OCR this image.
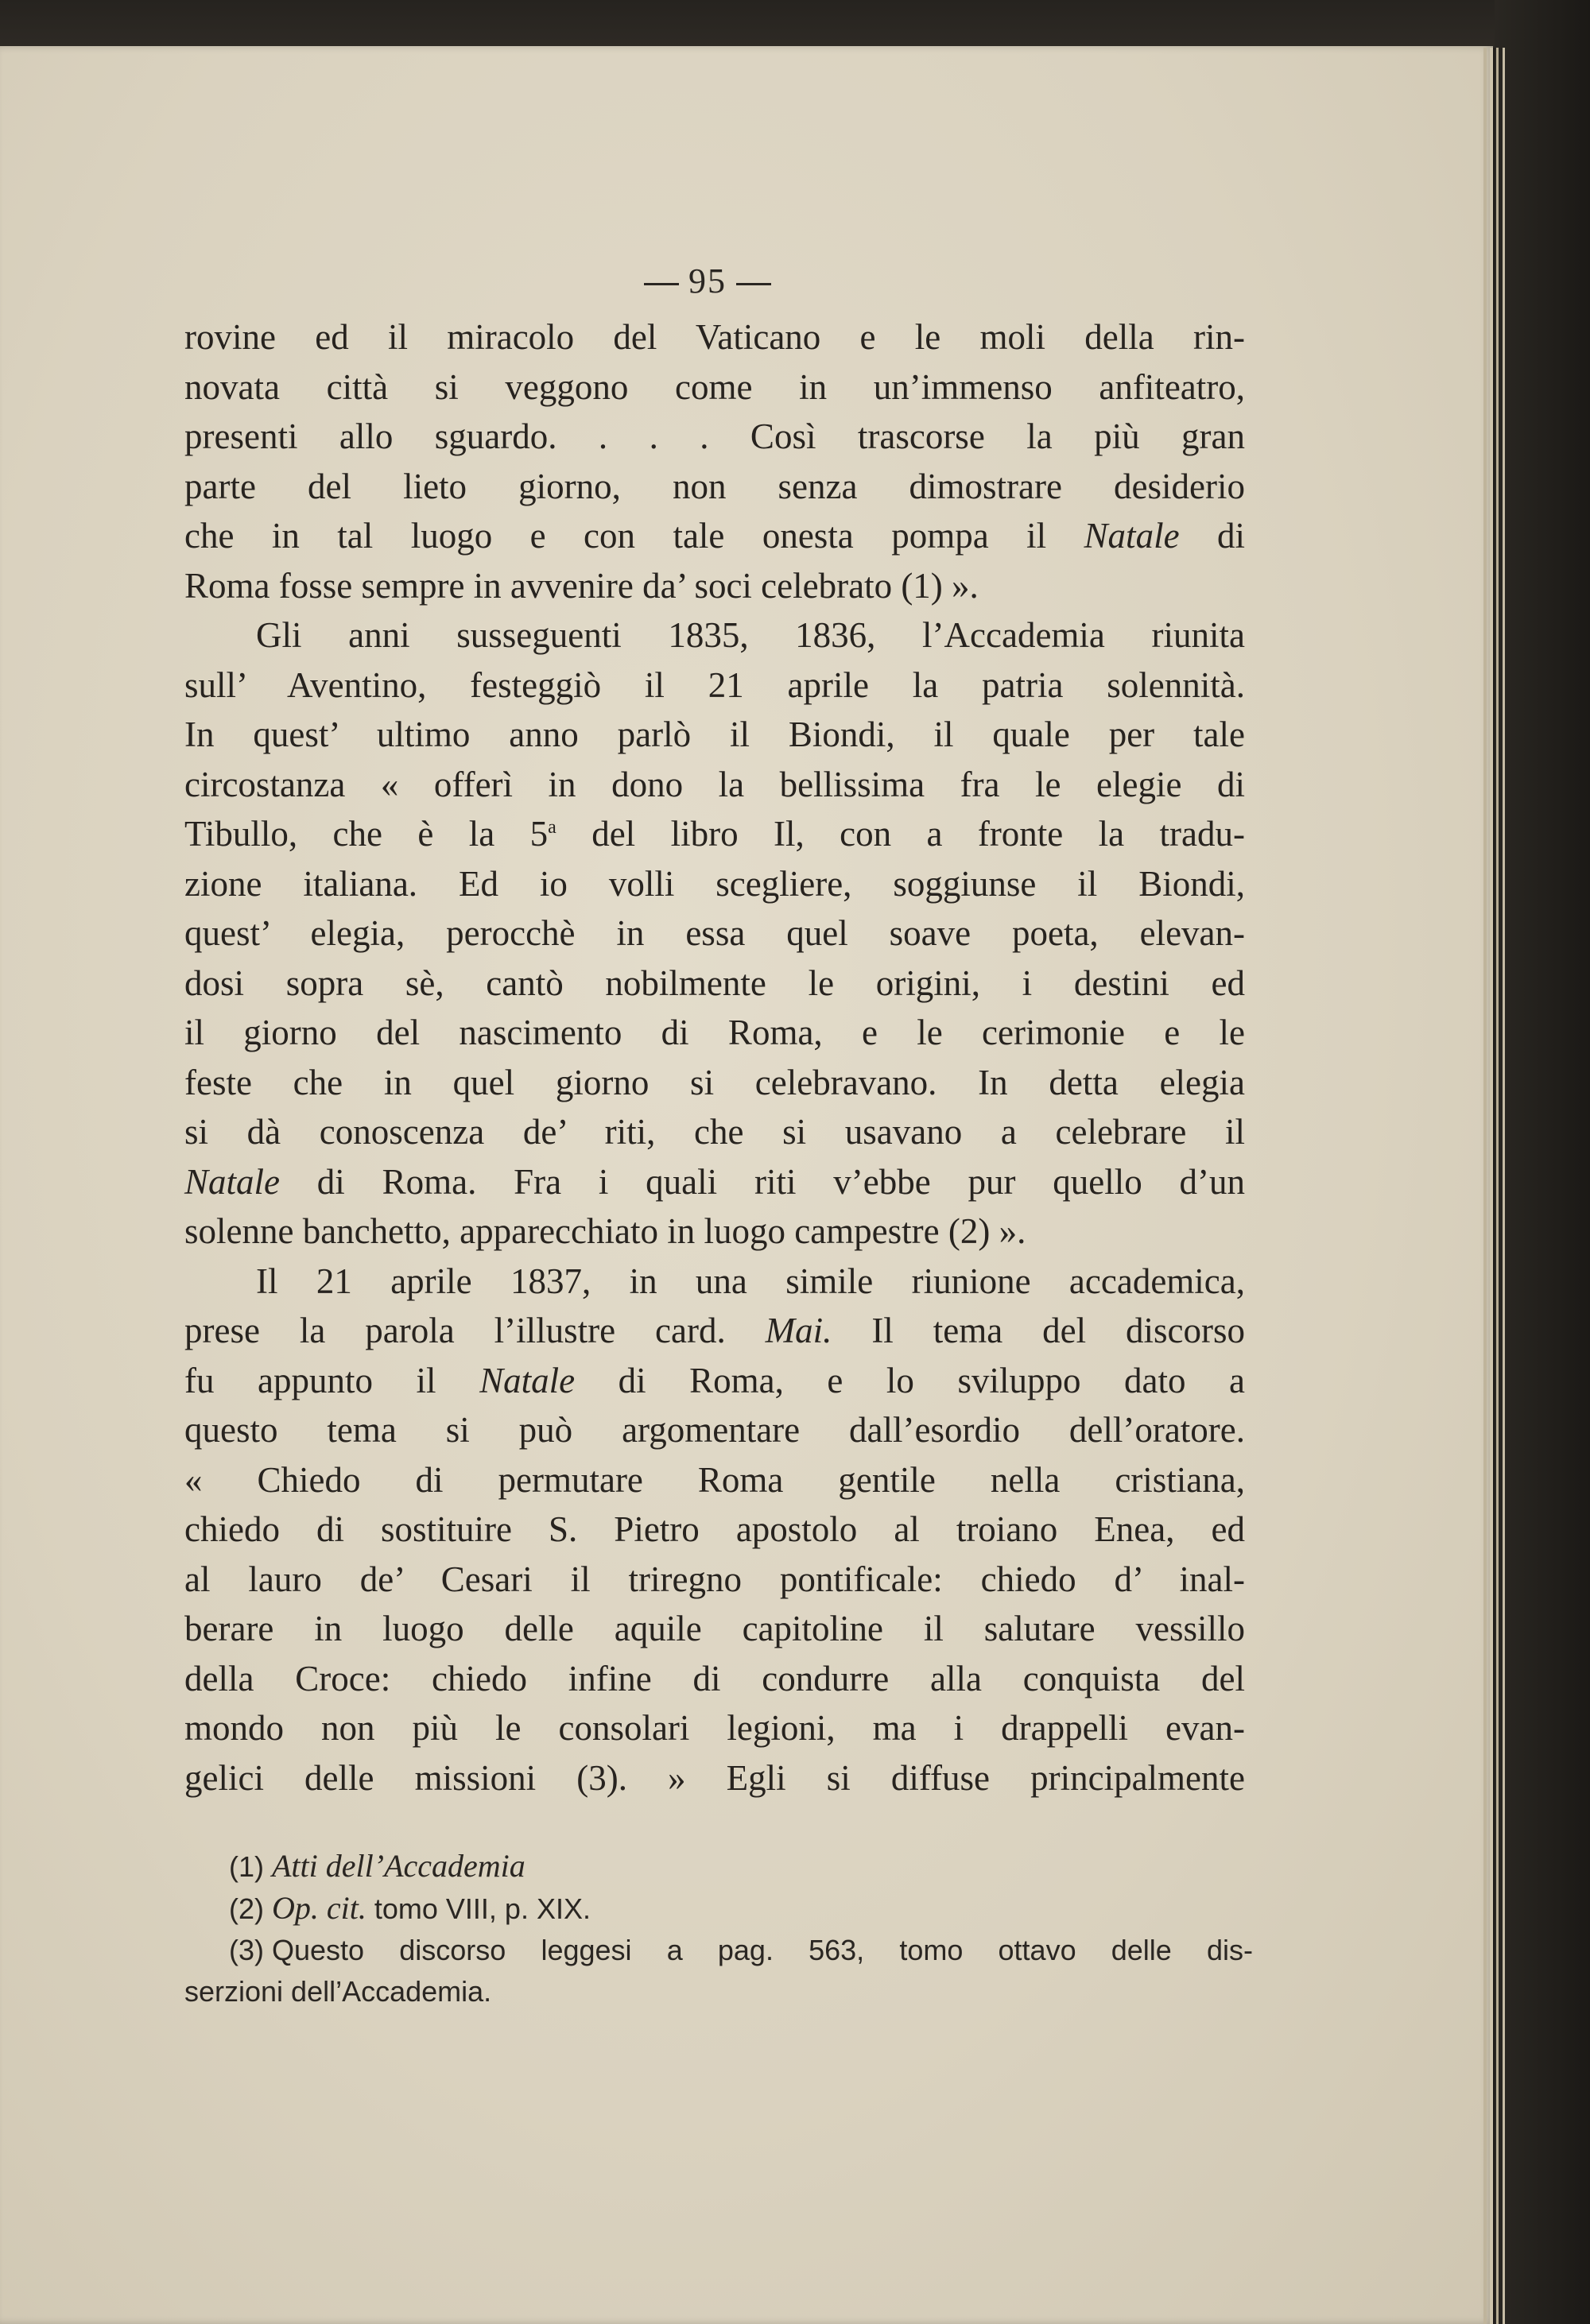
95
rovine ed il miracolo del Vaticano e le moli della rin-
novata città si veggono come in un’immenso anfiteatro,
presenti allo sguardo. . . . Così trascorse la più gran
parte del lieto giorno, non senza dimostrare desiderio
che in tal luogo e con tale onesta pompa il Natale di
Roma fosse sempre in avvenire da’ soci celebrato (1) ».
Gli anni susseguenti 1835, 1836, l’Accademia riunita
sull’ Aventino, festeggiò il 21 aprile la patria solennità.
In quest’ ultimo anno parlò il Biondi, il quale per tale
circostanza « offerì in dono la bellissima fra le elegie di
Tibullo, che è la 5$^a$ del libro Il, con a fronte la tradu-
zione italiana. Ed io volli scegliere, soggiunse il Biondi,
quest’ elegia, perocchè in essa quel soave poeta, elevan-
dosi sopra sè, cantò nobilmente le origini, i destini ed
il giorno del nascimento di Roma, e le cerimonie e le
feste che in quel giorno si celebravano. In detta elegia
si dà conoscenza de’ riti, che si usavano a celebrare il
Natale di Roma. Fra i quali riti v’ebbe pur quello d’un
solenne banchetto, apparecchiato in luogo campestre (2) ».
Il 21 aprile 1837, in una simile riunione accademica,
prese la parola l’illustre card. Mai. Il tema del discorso
fu appunto il Natale di Roma, e lo sviluppo dato a
questo tema si può argomentare dall’esordio dell’oratore.
« Chiedo di permutare Roma gentile nella cristiana,
chiedo di sostituire S. Pietro apostolo al troiano Enea, ed
al lauro de’ Cesari il triregno pontificale: chiedo d’ inal-
berare in luogo delle aquile capitoline il salutare vessillo
della Croce: chiedo infine di condurre alla conquista del
mondo non più le consolari legioni, ma i drappelli evan-
gelici delle missioni (3). » Egli si diffuse principalmente
(1) Atti dell’Accademia
(2) Op. cit. tomo VIII, p. XIX.
(3) Questo discorso leggesi a pag. 563, tomo ottavo delle dis-
serzioni dell’Accademia.
